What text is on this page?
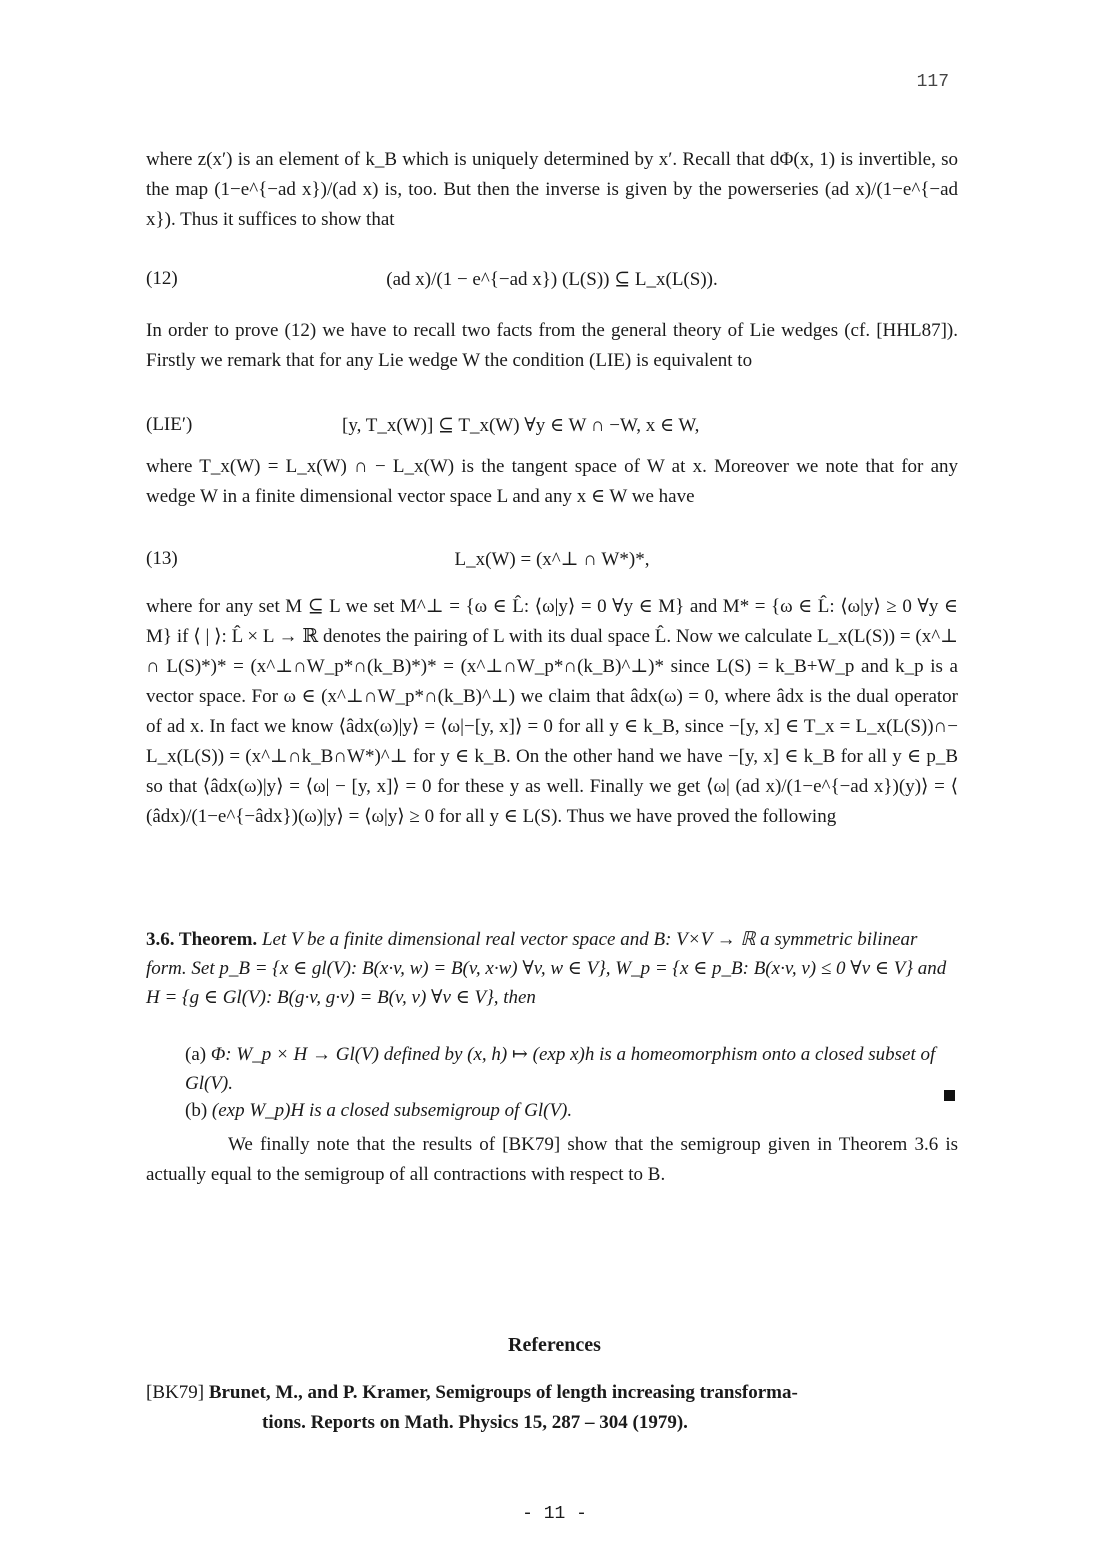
117

where z(x′) is an element of k_B which is uniquely determined by x′. Recall that dΦ(x, 1) is invertible, so the map (1−e^{−ad x})/(ad x) is, too. But then the inverse is given by the powerseries (ad x)/(1−e^{−ad x}). Thus it suffices to show that

(12)	(ad x)/(1 − e^{−ad x}) (L(S)) ⊆ L_x(L(S)).

In order to prove (12) we have to recall two facts from the general theory of Lie wedges (cf. [HHL87]). Firstly we remark that for any Lie wedge W the condition (LIE) is equivalent to

(LIE′)	[y, T_x(W)] ⊆ T_x(W) ∀y ∈ W ∩ −W, x ∈ W,

where T_x(W) = L_x(W) ∩ − L_x(W) is the tangent space of W at x. Moreover we note that for any wedge W in a finite dimensional vector space L and any x ∈ W we have

(13)	L_x(W) = (x^⊥ ∩ W*)*,

where for any set M ⊆ L we set M^⊥ = {ω ∈ L̂: ⟨ω|y⟩ = 0 ∀y ∈ M} and M* = {ω ∈ L̂: ⟨ω|y⟩ ≥ 0 ∀y ∈ M} if ⟨ | ⟩: L̂ × L → ℝ denotes the pairing of L with its dual space L̂. Now we calculate L_x(L(S)) = (x^⊥ ∩ L(S)*)* = (x^⊥∩W_p*∩(k_B)*)* = (x^⊥∩W_p*∩(k_B)^⊥)* since L(S) = k_B+W_p and k_p is a vector space. For ω ∈ (x^⊥∩W_p*∩(k_B)^⊥) we claim that âdx(ω) = 0, where âdx is the dual operator of ad x. In fact we know ⟨âdx(ω)|y⟩ = ⟨ω|−[y, x]⟩ = 0 for all y ∈ k_B, since −[y, x] ∈ T_x = L_x(L(S))∩− L_x(L(S)) = (x^⊥∩k_B∩W*)^⊥ for y ∈ k_B. On the other hand we have −[y, x] ∈ k_B for all y ∈ p_B so that ⟨âdx(ω)|y⟩ = ⟨ω| − [y, x]⟩ = 0 for these y as well. Finally we get ⟨ω| (ad x)/(1−e^{−ad x})(y)⟩ = ⟨ (âdx)/(1−e^{−âdx})(ω)|y⟩ = ⟨ω|y⟩ ≥ 0 for all y ∈ L(S). Thus we have proved the following

3.6. Theorem. Let V be a finite dimensional real vector space and B: V×V → ℝ a symmetric bilinear form. Set p_B = {x ∈ gl(V): B(x·v, w) = B(v, x·w) ∀v, w ∈ V}, W_p = {x ∈ p_B: B(x·v, v) ≤ 0 ∀v ∈ V} and H = {g ∈ Gl(V): B(g·v, g·v) = B(v, v) ∀v ∈ V}, then
(a) Φ: W_p × H → Gl(V) defined by (x, h) ↦ (exp x)h is a homeomorphism onto a closed subset of Gl(V).
(b) (exp W_p)H is a closed subsemigroup of Gl(V).

We finally note that the results of [BK79] show that the semigroup given in Theorem 3.6 is actually equal to the semigroup of all contractions with respect to B.

References
[BK79] Brunet, M., and P. Kramer, Semigroups of length increasing transforma-
tions. Reports on Math. Physics 15, 287 – 304 (1979).
- 11 -
